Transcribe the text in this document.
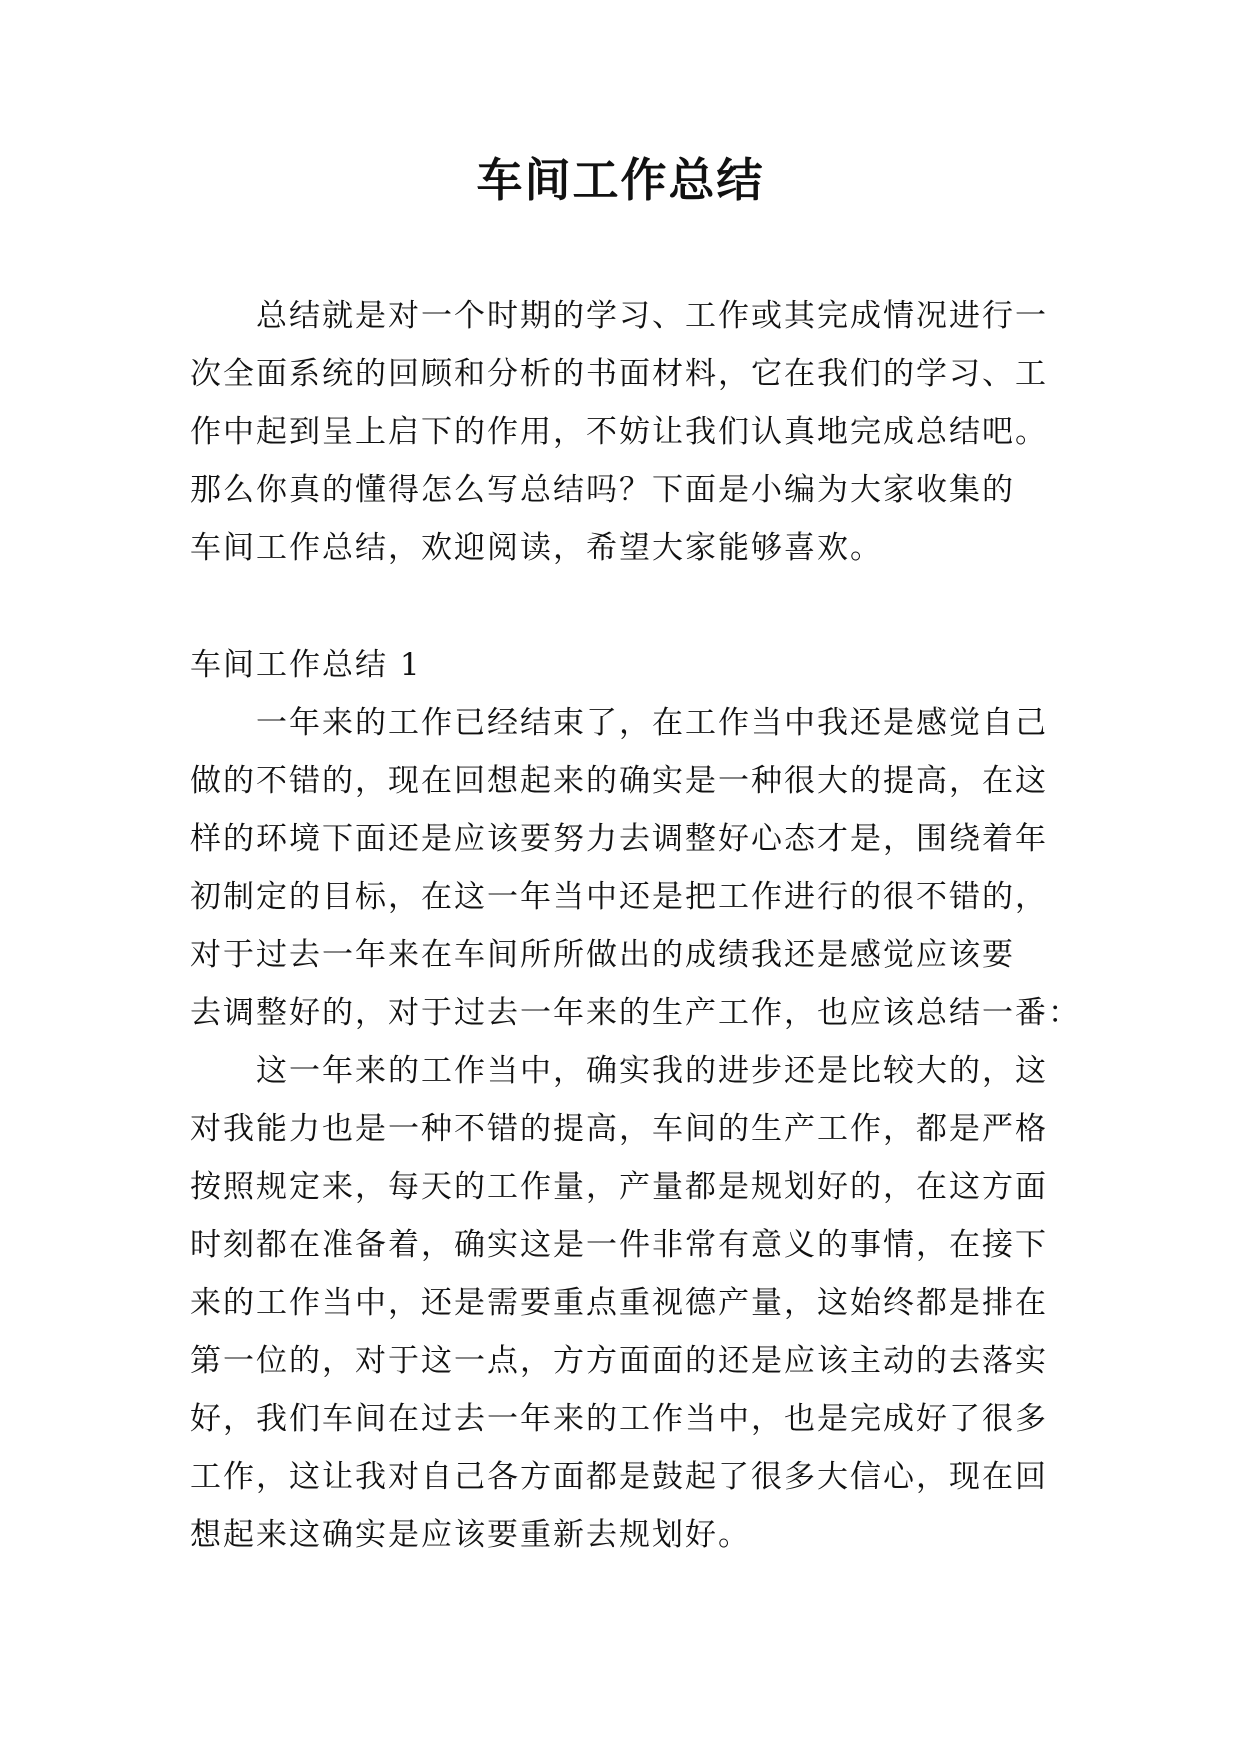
车间工作总结
总结就是对一个时期的学习、工作或其完成情况进行一
次全面系统的回顾和分析的书面材料，它在我们的学习、工
作中起到呈上启下的作用，不妨让我们认真地完成总结吧。
那么你真的懂得怎么写总结吗？下面是小编为大家收集的
车间工作总结，欢迎阅读，希望大家能够喜欢。
车间工作总结 1
一年来的工作已经结束了，在工作当中我还是感觉自己
做的不错的，现在回想起来的确实是一种很大的提高，在这
样的环境下面还是应该要努力去调整好心态才是，围绕着年
初制定的目标，在这一年当中还是把工作进行的很不错的，
对于过去一年来在车间所所做出的成绩我还是感觉应该要
去调整好的，对于过去一年来的生产工作，也应该总结一番：
这一年来的工作当中，确实我的进步还是比较大的，这
对我能力也是一种不错的提高，车间的生产工作，都是严格
按照规定来，每天的工作量，产量都是规划好的，在这方面
时刻都在准备着，确实这是一件非常有意义的事情，在接下
来的工作当中，还是需要重点重视德产量，这始终都是排在
第一位的，对于这一点，方方面面的还是应该主动的去落实
好，我们车间在过去一年来的工作当中，也是完成好了很多
工作，这让我对自己各方面都是鼓起了很多大信心，现在回
想起来这确实是应该要重新去规划好。
